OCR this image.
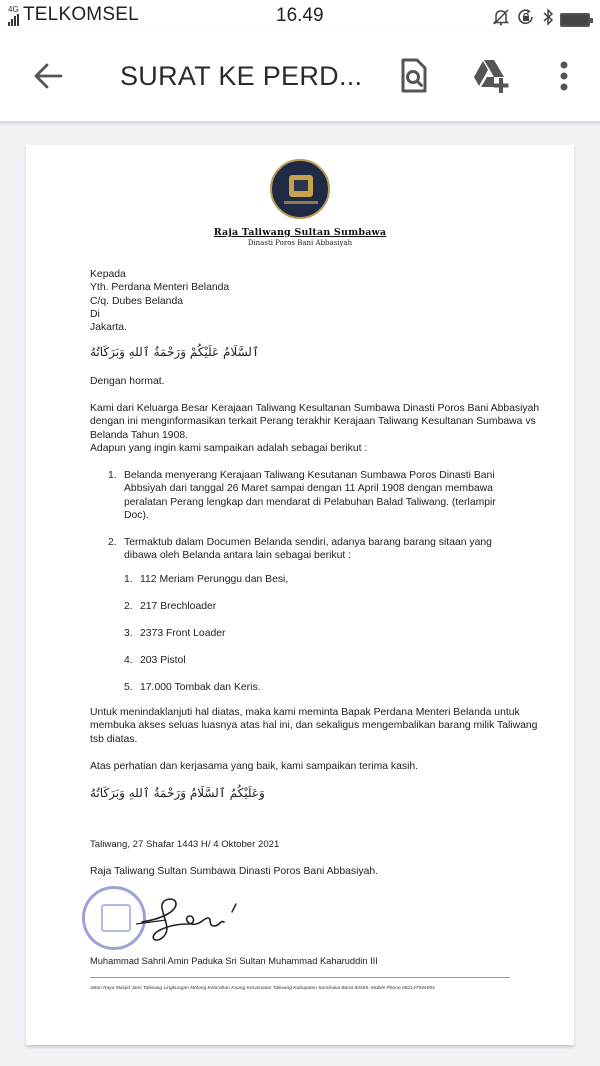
4G TELKOMSEL	16.49
SURAT KE PERD...
Raja Taliwang Sultan Sumbawa
Dinasti Poros Bani Abbasiyah
Kepada
Yth. Perdana Menteri Belanda
C/q. Dubes Belanda
Di
Jakarta.
ٱلسَّلَامُ عَلَيْكُمْ وَرَحْمَةُ ٱللهِ وَبَرَكَاتُهُ
Dengan hormat.
Kami dari Keluarga Besar Kerajaan Taliwang Kesultanan Sumbawa Dinasti Poros Bani Abbasiyah dengan ini menginformasikan terkait Perang terakhir Kerajaan Taliwang Kesultanan Sumbawa vs Belanda Tahun 1908.
Adapun yang ingin kami sampaikan adalah sebagai berikut :
1. Belanda menyerang Kerajaan Taliwang Kesutanan Sumbawa Poros Dinasti Bani Abbsiyah dari tanggal 26 Maret sampai dengan 11 April 1908 dengan membawa peralatan Perang lengkap dan mendarat di Pelabuhan Balad Taliwang. (terlampir Doc).
2. Termaktub dalam Documen Belanda sendiri, adanya barang barang sitaan yang dibawa oleh Belanda antara lain sebagai berikut :
1. 112 Meriam Perunggu dan Besi,
2. 217 Brechloader
3. 2373 Front Loader
4. 203 Pistol
5. 17.000 Tombak dan Keris.
Untuk menindaklanjuti hal diatas, maka kami meminta Bapak Perdana Menteri Belanda untuk membuka akses seluas luasnya atas hal ini, dan sekaligus mengembalikan barang milik Taliwang tsb diatas.
Atas perhatian dan kerjasama yang baik, kami sampaikan terima kasih.
وَعَلَيْكُمُ ٱلسَّلَامُ وَرَحْمَةُ ٱللهِ وَبَرَكَاتُهُ
Taliwang, 27 Shafar 1443 H/ 4 Oktober 2021
Raja Taliwang Sultan Sumbawa Dinasti Poros Bani Abbasiyah.
Muhammad Sahril Amin Paduka Sri Sultan Muhammad Kaharuddin III
Jalan Raya Masjid Jami Taliwang Lingkungan Molong Kelurahan Kuang Kecamatan Taliwang Kabupaten Sumbawa Barat 84455. Mobile Phone 082147944594
